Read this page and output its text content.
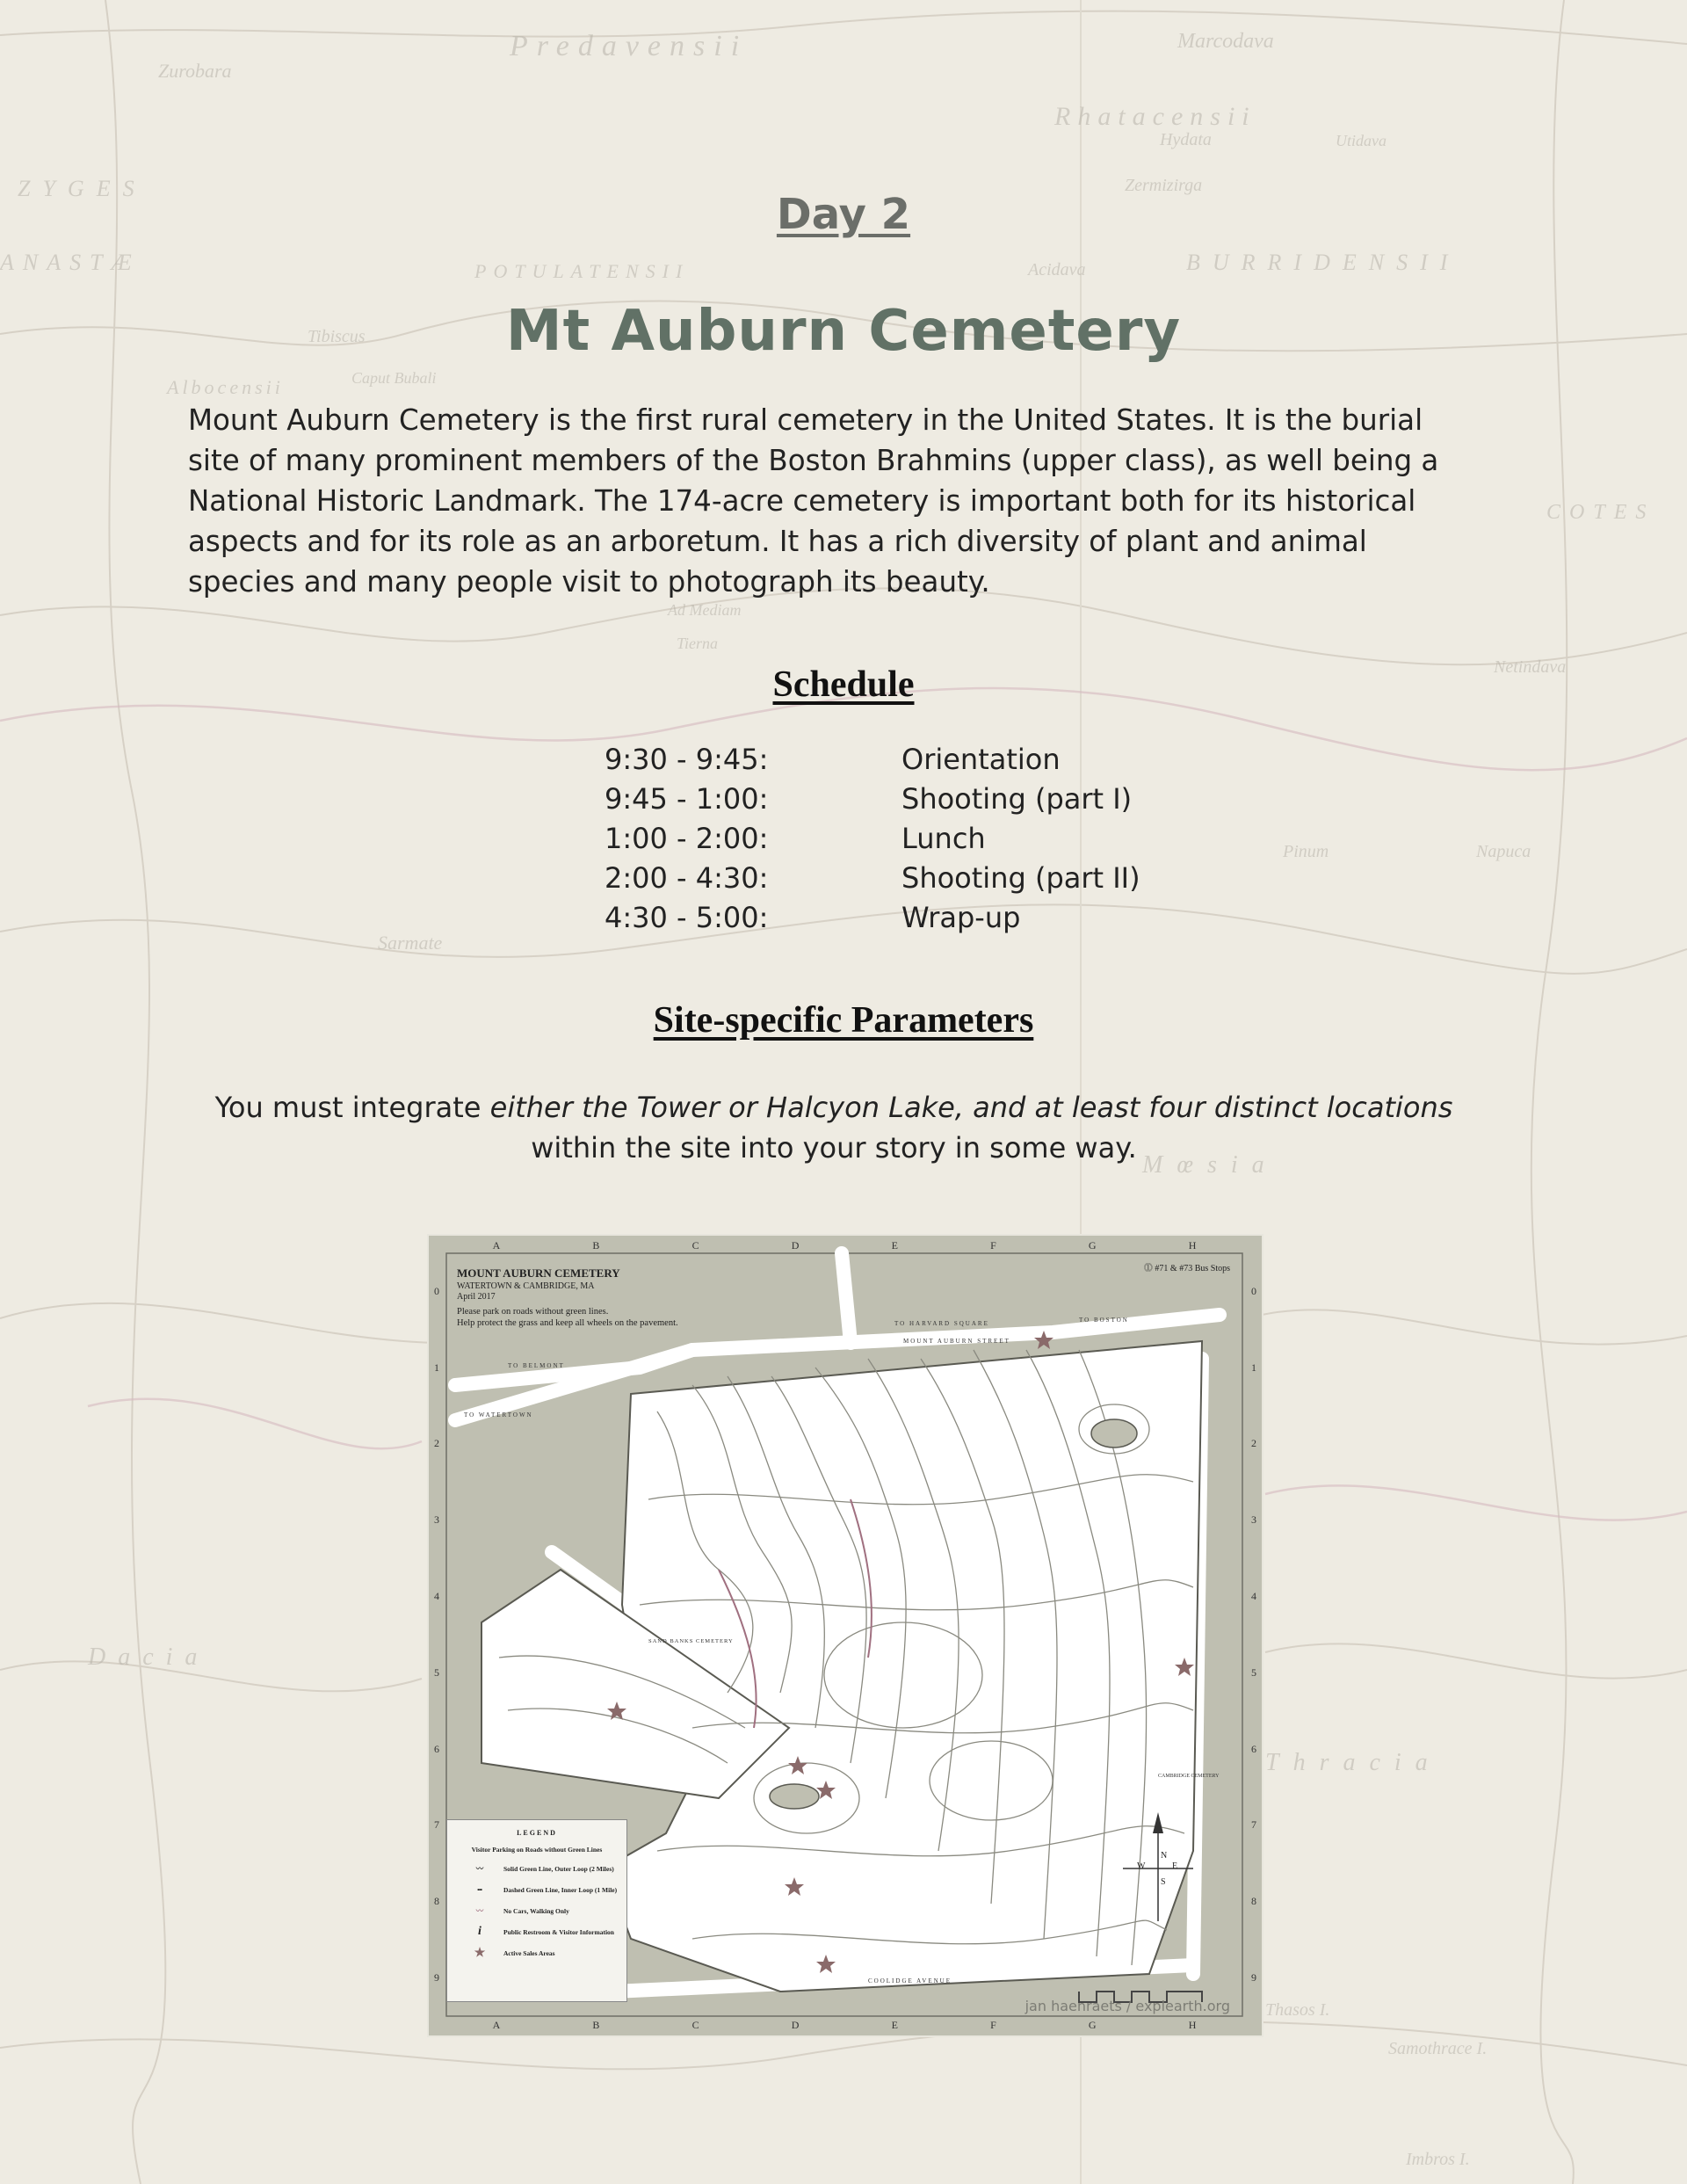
Predavensii	Marcodava
Rhatacensii
Zurobara
ZYGES
ANASTÆ	POTULATENSII	BURRIDENSII
Acidava
Albocensii
Hydata	Utidava
COTES
Tierna
Netindava
Pinum
Sarmate
Mœsia
Thracia
Dacia
Samothrace I.
Thasos I.
Imbros I.
Ad Mediam
Caput Bubali
Tibiscus
Zermizirga
Napuca
Day 2
Mt Auburn Cemetery
Mount Auburn Cemetery is the first rural cemetery in the United States. It is the burial site of many prominent members of the Boston Brahmins (upper class), as well being a National Historic Landmark. The 174-acre cemetery is important both for its historical aspects and for its role as an arboretum. It has a rich diversity of plant and animal species and many people visit to photograph its beauty.
Schedule
9:30 - 9:45:	Orientation
9:45 - 1:00:	Shooting (part I)
1:00 - 2:00:	Lunch
2:00 - 4:30:	Shooting (part II)
4:30 - 5:00:	Wrap-up
Site-specific Parameters
You must integrate either the Tower or Halcyon Lake, and at least four distinct locations within the site into your story in some way.
A	B	C	D	E	F	G	H
A	B	C	D	E	F	G	H
0
1
2
3
4
5
6
7
8
9
0
1
2
3
4
5
6
7
8
9
MOUNT AUBURN CEMETERY
WATERTOWN & CAMBRIDGE, MA
April 2017
Please park on roads without green lines.
Help protect the grass and keep all wheels on the pavement.
⓵ #71 & #73 Bus Stops
MOUNT AUBURN STREET
COOLIDGE AVENUE
TO HARVARD SQUARE
TO BELMONT
TO WATERTOWN
TO BOSTON
SAND BANKS CEMETERY
CAMBRIDGE CEMETERY
LEGEND
Visitor Parking on Roads without Green Lines
〰	Solid Green Line, Outer Loop (2 Miles)
┅	Dashed Green Line, Inner Loop (1 Mile)
〰	No Cars, Walking Only
i	Public Restroom & Visitor Information
★	Active Sales Areas
N
S
E
W
jan haenraets / explearth.org
